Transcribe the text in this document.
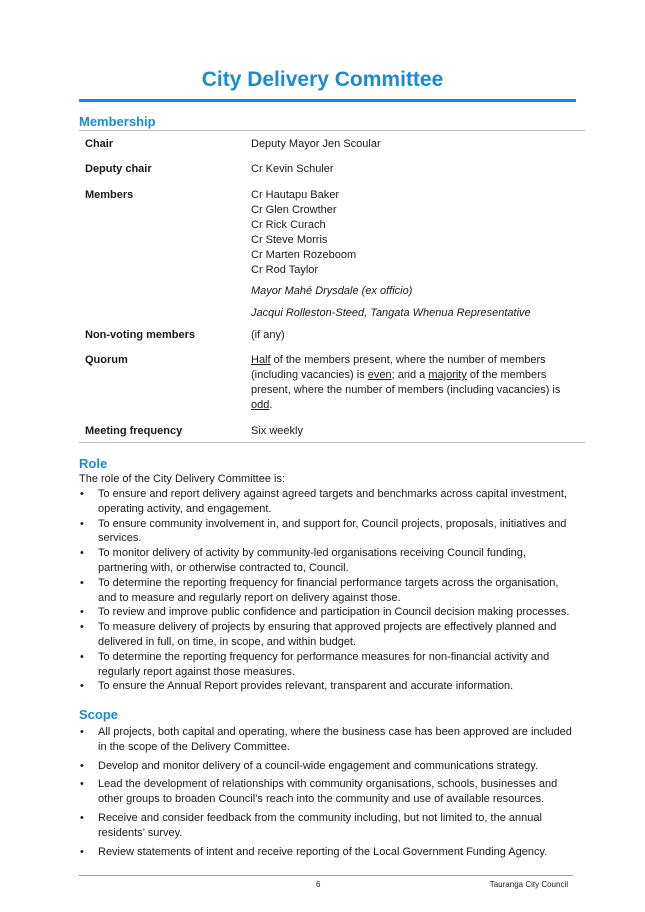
City Delivery Committee
Membership
Chair	Deputy Mayor Jen Scoular
Deputy chair	Cr Kevin Schuler
Members	Cr Hautapu Baker
Cr Glen Crowther
Cr Rick Curach
Cr Steve Morris
Cr Marten Rozeboom
Cr Rod Taylor
Mayor Mahé Drysdale (ex officio)
Jacqui Rolleston-Steed, Tangata Whenua Representative
Non-voting members	(if any)
Quorum	Half of the members present, where the number of members (including vacancies) is even; and a majority of the members present, where the number of members (including vacancies) is odd.
Meeting frequency	Six weekly
Role

The role of the City Delivery Committee is:

• To ensure and report delivery against agreed targets and benchmarks across capital investment, operating activity, and engagement.
• To ensure community involvement in, and support for, Council projects, proposals, initiatives and services.
• To monitor delivery of activity by community-led organisations receiving Council funding, partnering with, or otherwise contracted to, Council.
• To determine the reporting frequency for financial performance targets across the organisation, and to measure and regularly report on delivery against those.
• To review and improve public confidence and participation in Council decision making processes.
• To measure delivery of projects by ensuring that approved projects are effectively planned and delivered in full, on time, in scope, and within budget.
• To determine the reporting frequency for performance measures for non-financial activity and regularly report against those measures.
• To ensure the Annual Report provides relevant, transparent and accurate information.
Scope
• All projects, both capital and operating, where the business case has been approved are included in the scope of the Delivery Committee.
• Develop and monitor delivery of a council-wide engagement and communications strategy.
• Lead the development of relationships with community organisations, schools, businesses and other groups to broaden Council’s reach into the community and use of available resources.
• Receive and consider feedback from the community including, but not limited to, the annual residents’ survey.
• Review statements of intent and receive reporting of the Local Government Funding Agency.
6	Tauranga City Council
